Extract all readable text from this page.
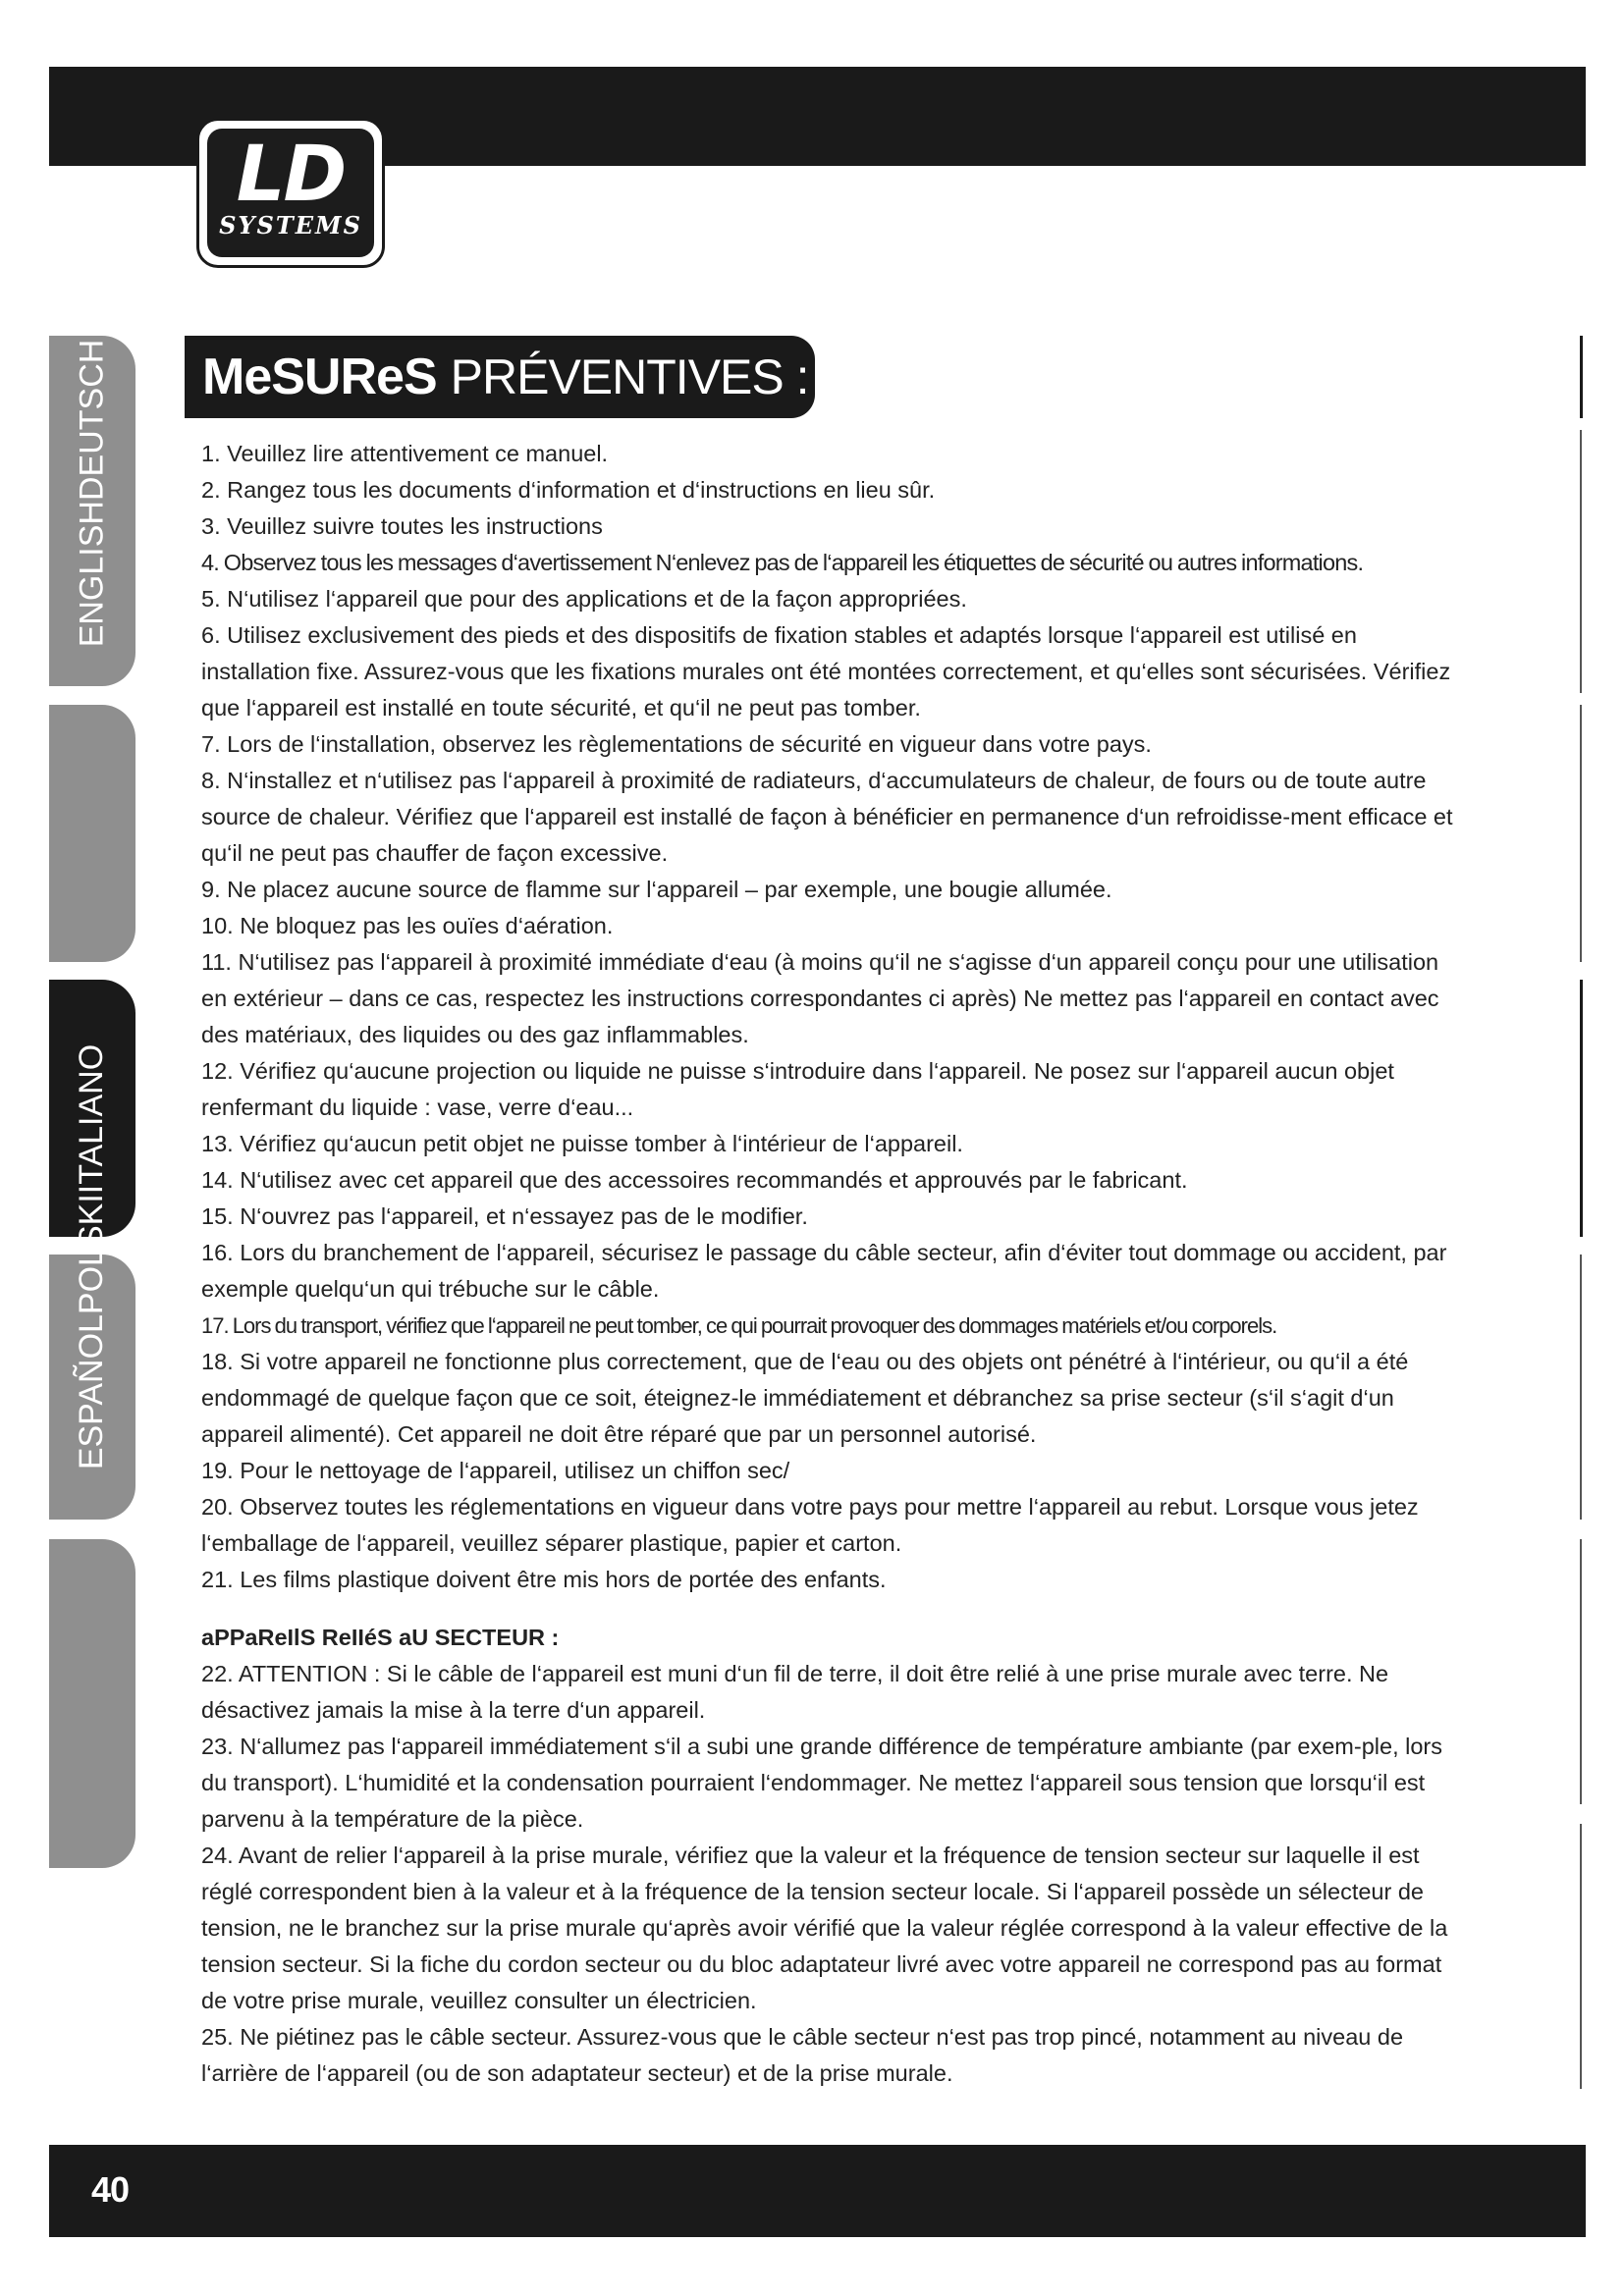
LD
SYSTEMS
ENGLISHDEUTSCH
ESPAÑOLPOLSKIITALIANO
MeSUReS PRÉVENTIVES :

1. Veuillez lire attentivement ce manuel.

2. Rangez tous les documents d‘information et d‘instructions en lieu sûr.

3. Veuillez suivre toutes les instructions

4. Observez tous les messages d‘avertissement N‘enlevez pas de l‘appareil les étiquettes de sécurité ou autres informations.

5. N‘utilisez l‘appareil que pour des applications et de la façon appropriées.

6. Utilisez exclusivement des pieds et des dispositifs de fixation stables et adaptés lorsque l‘appareil est utilisé en installation fixe. Assurez-vous que les fixations murales ont été montées correctement, et qu‘elles sont sécurisées. Vérifiez que l‘appareil est installé en toute sécurité, et qu‘il ne peut pas tomber.

7. Lors de l‘installation, observez les règlementations de sécurité en vigueur dans votre pays.

8. N‘installez et n‘utilisez pas l‘appareil à proximité de radiateurs, d‘accumulateurs de chaleur, de fours ou de toute autre source de chaleur. Vérifiez que l‘appareil est installé de façon à bénéficier en permanence d‘un refroidisse-ment efficace et qu‘il ne peut pas chauffer de façon excessive.

9. Ne placez aucune source de flamme sur l‘appareil – par exemple, une bougie allumée.

10. Ne bloquez pas les ouïes d‘aération.

11. N‘utilisez pas l‘appareil à proximité immédiate d‘eau (à moins qu‘il ne s‘agisse d‘un appareil conçu pour une utilisation en extérieur – dans ce cas, respectez les instructions correspondantes ci après) Ne mettez pas l‘appareil en contact avec des matériaux, des liquides ou des gaz inflammables.

12. Vérifiez qu‘aucune projection ou liquide ne puisse s‘introduire dans l‘appareil. Ne posez sur l‘appareil aucun objet renfermant du liquide : vase, verre d‘eau...

13. Vérifiez qu‘aucun petit objet ne puisse tomber à l‘intérieur de l‘appareil.

14. N‘utilisez avec cet appareil que des accessoires recommandés et approuvés par le fabricant.

15. N‘ouvrez pas l‘appareil, et n‘essayez pas de le modifier.

16. Lors du branchement de l‘appareil, sécurisez le passage du câble secteur, afin d‘éviter tout dommage ou accident, par exemple quelqu‘un qui trébuche sur le câble.

17. Lors du transport, vérifiez que l‘appareil ne peut tomber, ce qui pourrait provoquer des dommages matériels et/ou corporels.

18. Si votre appareil ne fonctionne plus correctement, que de l‘eau ou des objets ont pénétré à l‘intérieur, ou qu‘il a été endommagé de quelque façon que ce soit, éteignez-le immédiatement et débranchez sa prise secteur (s‘il s‘agit d‘un appareil alimenté). Cet appareil ne doit être réparé que par un personnel autorisé.

19. Pour le nettoyage de l‘appareil, utilisez un chiffon sec/

20. Observez toutes les réglementations en vigueur dans votre pays pour mettre l‘appareil au rebut. Lorsque vous jetez l‘emballage de l‘appareil, veuillez séparer plastique, papier et carton.

21. Les films plastique doivent être mis hors de portée des enfants.

aPPaReIlS ReIIéS aU SECTEUR :

22. ATTENTION : Si le câble de l‘appareil est muni d‘un fil de terre, il doit être relié à une prise murale avec terre. Ne désactivez jamais la mise à la terre d‘un appareil.

23. N‘allumez pas l‘appareil immédiatement s‘il a subi une grande différence de température ambiante (par exem-ple, lors du transport). L‘humidité et la condensation pourraient l‘endommager. Ne mettez l‘appareil sous tension que lorsqu‘il est parvenu à la température de la pièce.

24. Avant de relier l‘appareil à la prise murale, vérifiez que la valeur et la fréquence de tension secteur sur laquelle il est réglé correspondent bien à la valeur et à la fréquence de la tension secteur locale. Si l‘appareil possède un sélecteur de tension, ne le branchez sur la prise murale qu‘après avoir vérifié que la valeur réglée correspond à la valeur effective de la tension secteur. Si la fiche du cordon secteur ou du bloc adaptateur livré avec votre appareil ne correspond pas au format de votre prise murale, veuillez consulter un électricien.

25. Ne piétinez pas le câble secteur. Assurez-vous que le câble secteur n‘est pas trop pincé, notamment au niveau de l‘arrière de l‘appareil (ou de son adaptateur secteur) et de la prise murale.

40
